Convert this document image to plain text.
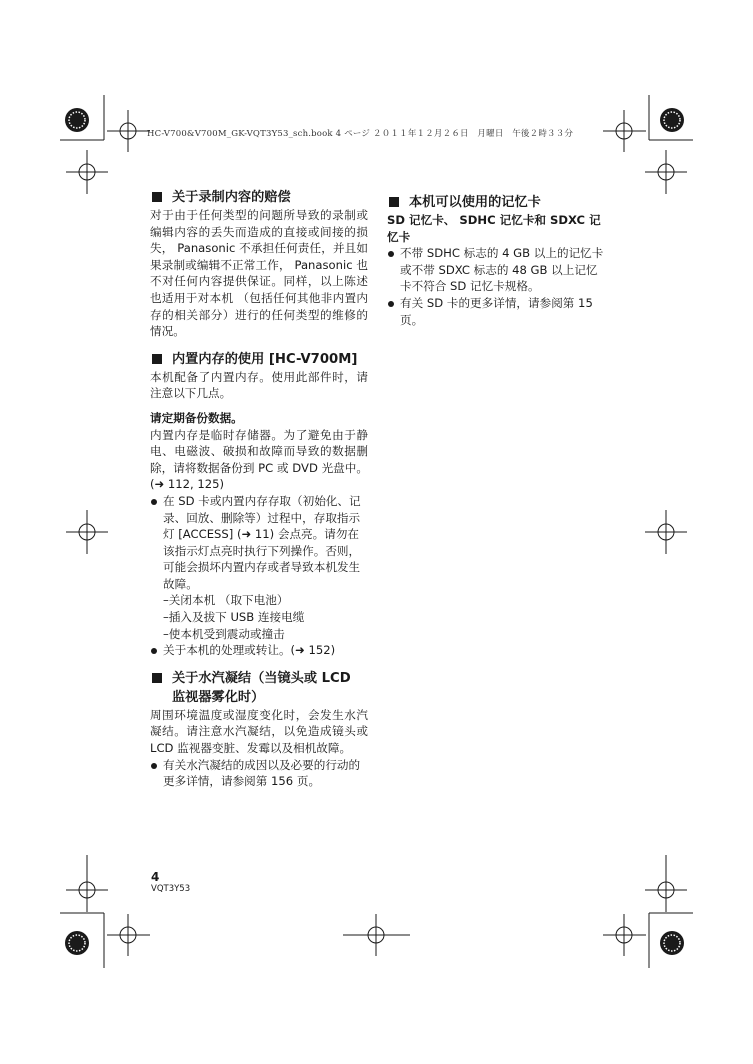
HC-V700&V700M_GK-VQT3Y53_sch.book 4 ページ ２０１１年１２月２６日　月曜日　午後２時３３分
关于录制内容的赔偿

对于由于任何类型的问题所导致的录制或编辑内容的丢失而造成的直接或间接的损失， Panasonic 不承担任何责任，并且如果录制或编辑不正常工作， Panasonic 也不对任何内容提供保证。同样，以上陈述也适用于对本机 （包括任何其他非内置内存的相关部分）进行的任何类型的维修的情况。

内置内存的使用 [HC-V700M]

本机配备了内置内存。使用此部件时，请注意以下几点。

请定期备份数据。

内置内存是临时存储器。为了避免由于静电、电磁波、破损和故障而导致的数据删除，请将数据备份到 PC 或 DVD 光盘中。 (➜ 112, 125)

在 SD 卡或内置内存存取（初始化、记录、回放、删除等）过程中，存取指示灯 [ACCESS] (➜ 11) 会点亮。请勿在该指示灯点亮时执行下列操作。否则，可能会损坏内置内存或者导致本机发生故障。

–关闭本机 （取下电池）

–插入及拔下 USB 连接电缆

–使本机受到震动或撞击

关于本机的处理或转让。(➜ 152)
关于水汽凝结（当镜头或 LCD 监视器雾化时）

周围环境温度或湿度变化时，会发生水汽凝结。请注意水汽凝结，以免造成镜头或 LCD 监视器变脏、发霉以及相机故障。

有关水汽凝结的成因以及必要的行动的更多详情，请参阅第 156 页。
本机可以使用的记忆卡

SD 记忆卡、 SDHC 记忆卡和 SDXC 记忆卡

不带 SDHC 标志的 4 GB 以上的记忆卡或不带 SDXC 标志的 48 GB 以上记忆卡不符合 SD 记忆卡规格。
有关 SD 卡的更多详情，请参阅第 15 页。
4
VQT3Y53
